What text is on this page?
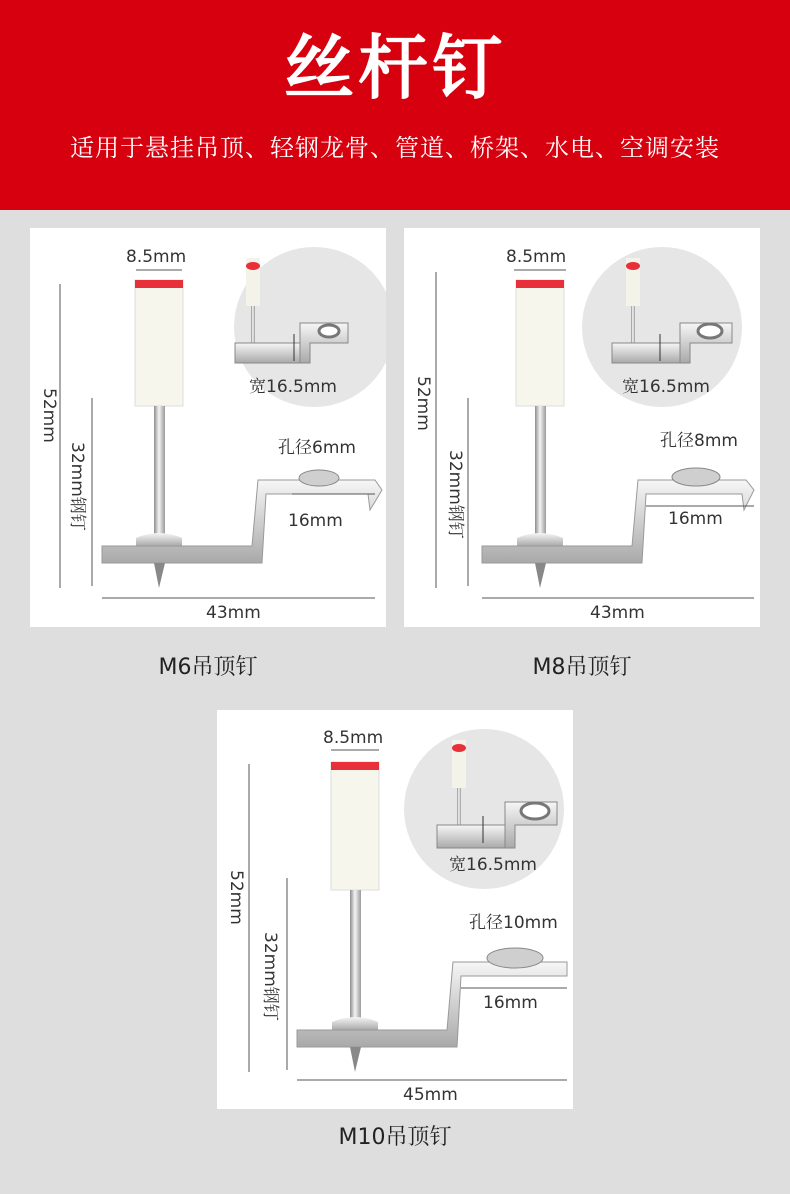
丝杆钉
适用于悬挂吊顶、轻钢龙骨、管道、桥架、水电、空调安装
宽16.5mm
8.5mm
52mm
32mm钢钉	孔径6mm
16mm
43mm
M6吊顶钉
宽16.5mm
8.5mm
52mm
32mm钢钉
孔径8mm
16mm
43mm
M8吊顶钉
宽16.5mm
8.5mm
52mm
32mm钢钉
孔径10mm
16mm
45mm
M10吊顶钉
